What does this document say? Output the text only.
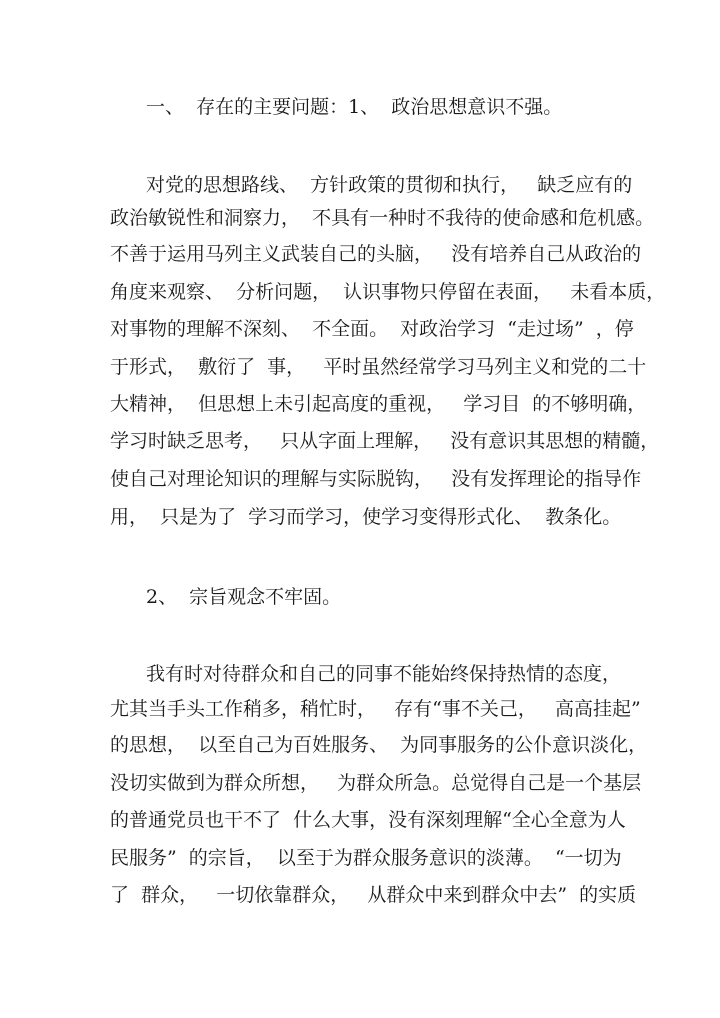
一、  存在的主要问题：1、  政治思想意识不强。

对党的思想路线、  方针政策的贯彻和执行，   缺乏应有的

政治敏锐性和洞察力，  不具有一种时不我待的使命感和危机感。

不善于运用马列主义武装自己的头脑，   没有培养自己从政治的

角度来观察、  分析问题，  认识事物只停留在表面，   未看本质，

对事物的理解不深刻、  不全面。  对政治学习  “走过场”  ，停

于形式，  敷衍了  事，   平时虽然经常学习马列主义和党的二十

大精神，  但思想上未引起高度的重视，   学习目  的不够明确，

学习时缺乏思考，   只从字面上理解，   没有意识其思想的精髓，

使自己对理论知识的理解与实际脱钩，   没有发挥理论的指导作

用，  只是为了  学习而学习，使学习变得形式化、  教条化。

2、  宗旨观念不牢固。

我有时对待群众和自己的同事不能始终保持热情的态度，

尤其当手头工作稍多，稍忙时，   存有“事不关己，   高高挂起”

的思想，  以至自己为百姓服务、  为同事服务的公仆意识淡化，

没切实做到为群众所想，   为群众所急。总觉得自己是一个基层

的普通党员也干不了  什么大事，没有深刻理解“全心全意为人

民服务”  的宗旨，  以至于为群众服务意识的淡薄。  “一切为

了  群众，   一切依靠群众，   从群众中来到群众中去”  的实质
